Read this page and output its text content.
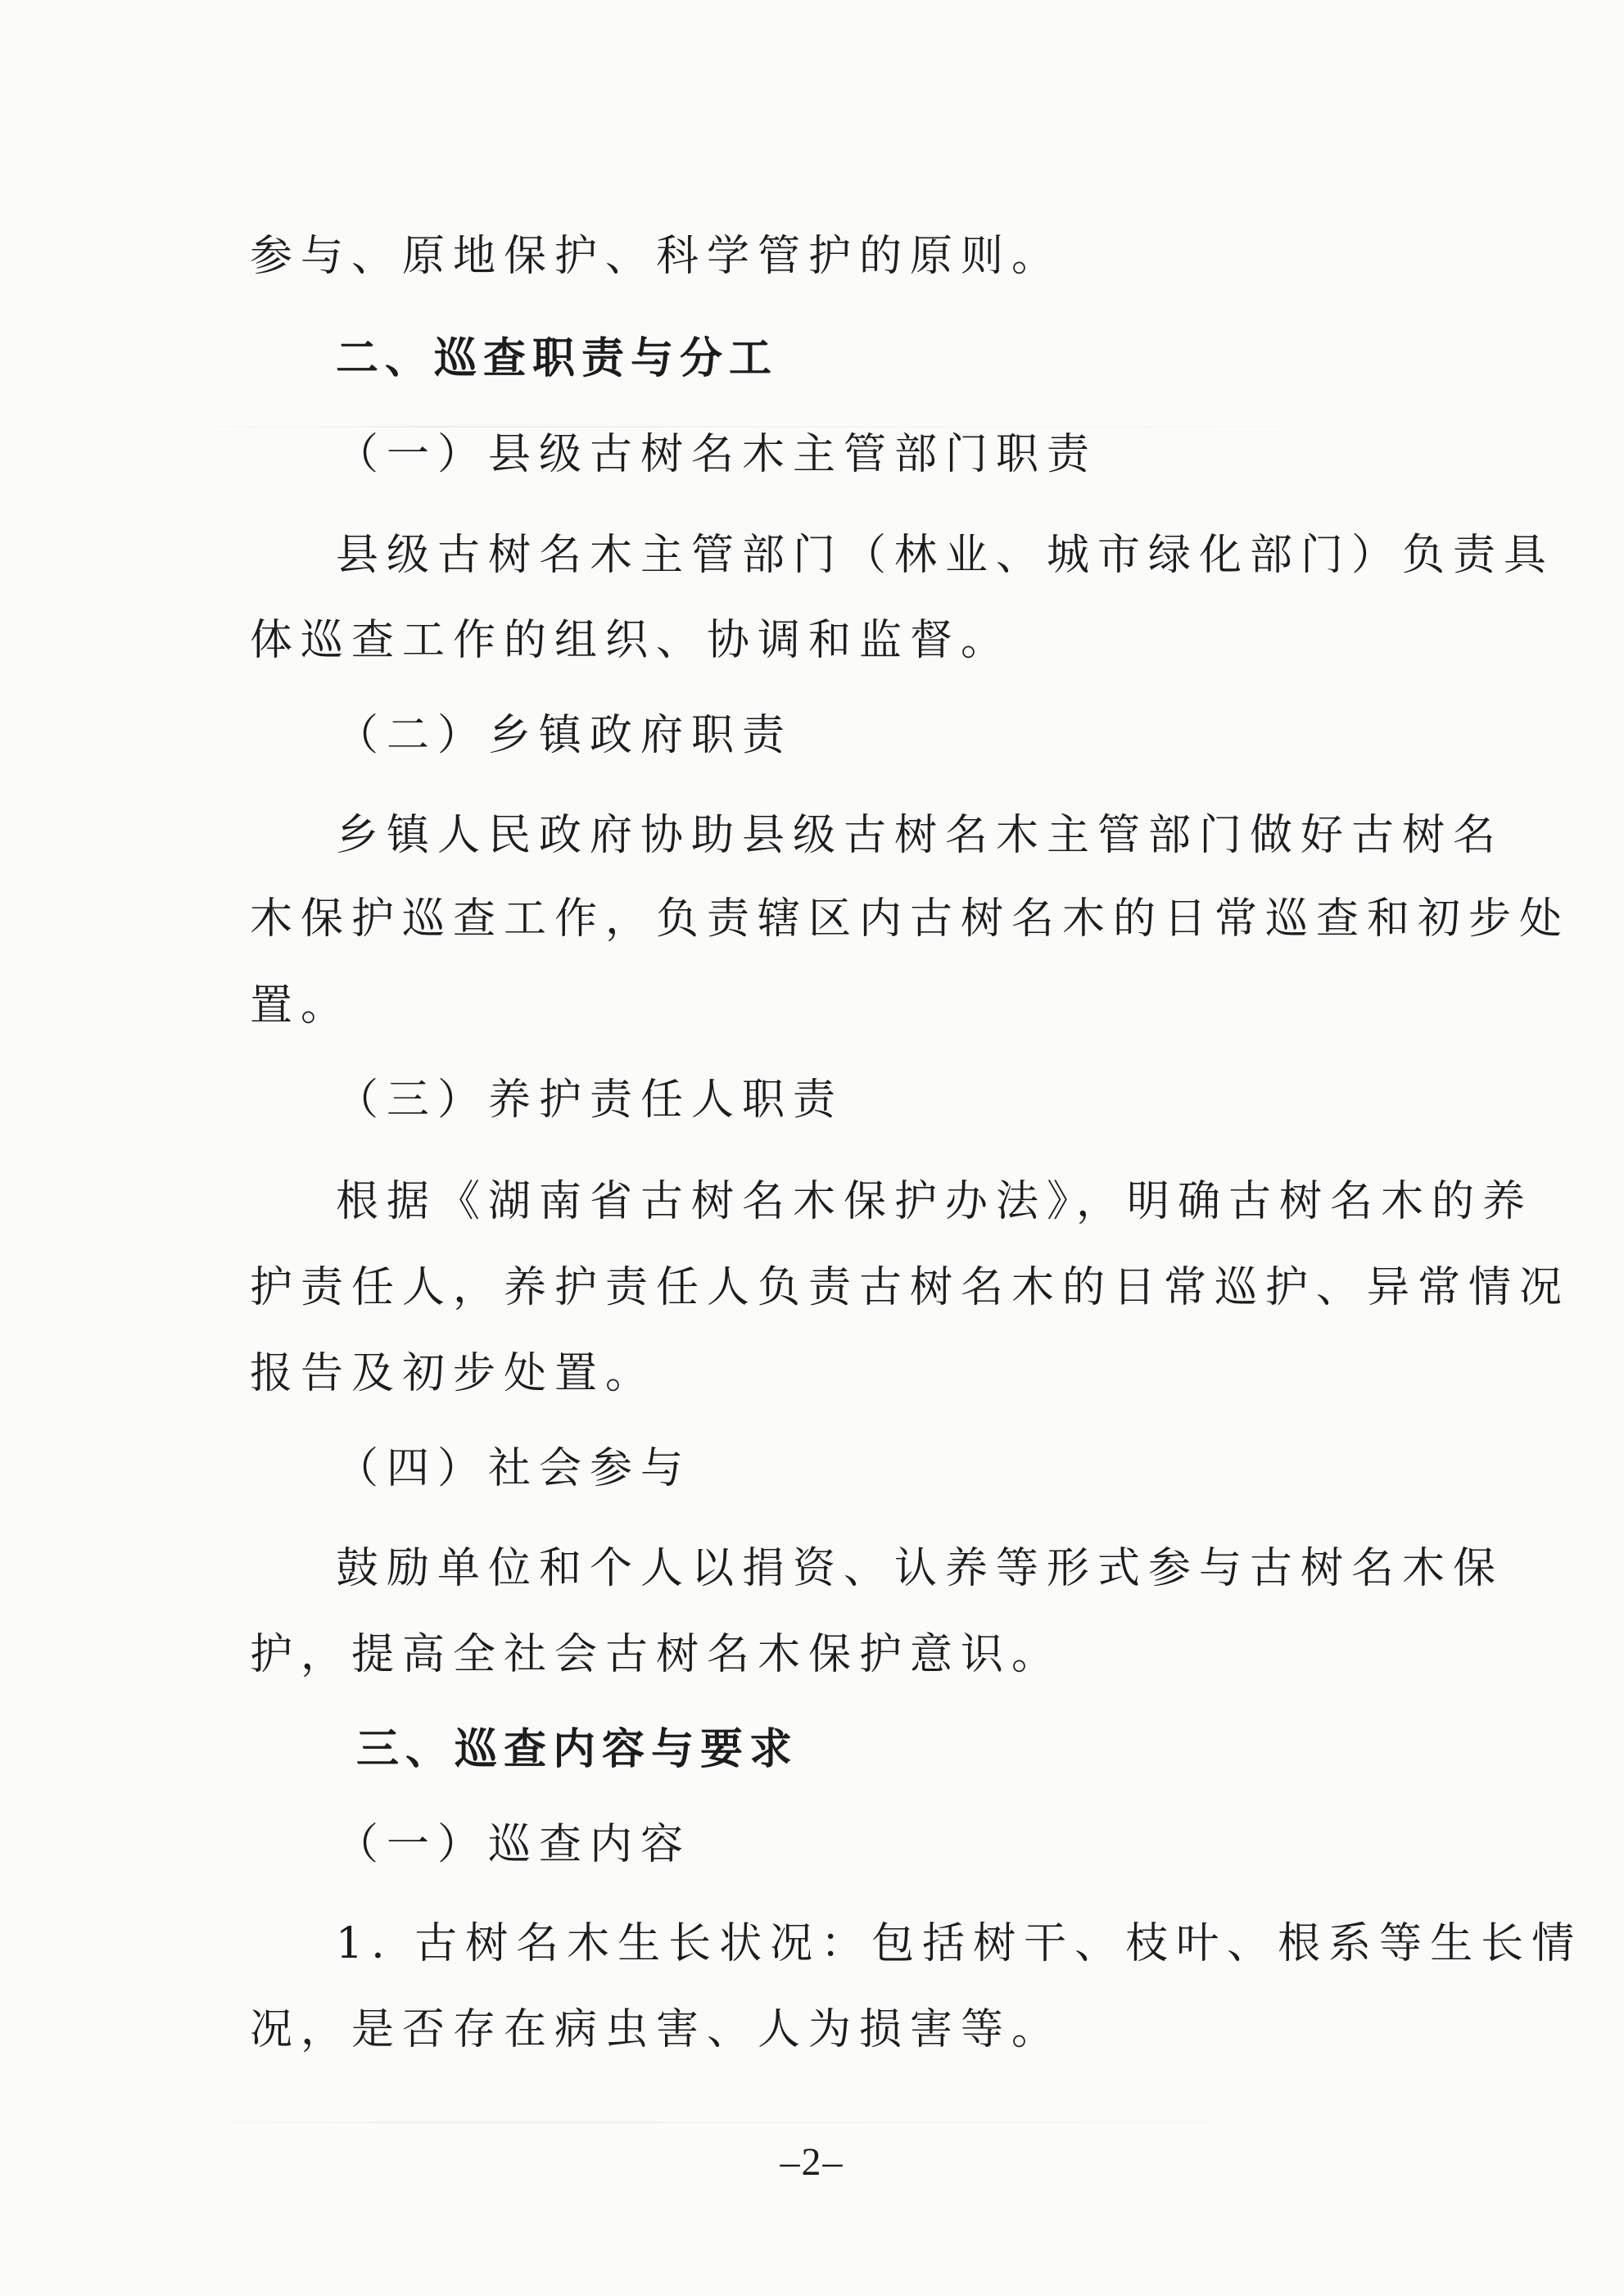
参与、原地保护、科学管护的原则。
二、巡查职责与分工
（一）县级古树名木主管部门职责
县级古树名木主管部门（林业、城市绿化部门）负责具
体巡查工作的组织、协调和监督。
（二）乡镇政府职责
乡镇人民政府协助县级古树名木主管部门做好古树名
木保护巡查工作，负责辖区内古树名木的日常巡查和初步处
置。
（三）养护责任人职责
根据《湖南省古树名木保护办法》，明确古树名木的养
护责任人，养护责任人负责古树名木的日常巡护、异常情况
报告及初步处置。
（四）社会参与
鼓励单位和个人以捐资、认养等形式参与古树名木保
护，提高全社会古树名木保护意识。
三、巡查内容与要求
（一）巡查内容
1. 古树名木生长状况：包括树干、枝叶、根系等生长情
况，是否存在病虫害、人为损害等。
–2–
